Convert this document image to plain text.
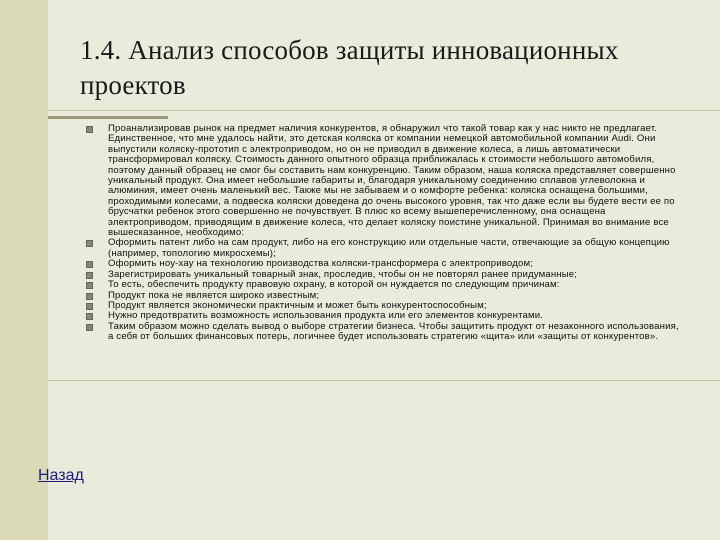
1.4. Анализ способов защиты инновационных проектов
Проанализировав рынок на предмет наличия конкурентов, я обнаружил что такой товар как у нас никто не предлагает. Единственное, что мне удалось найти, это детская коляска от компании немецкой автомобильной компании Audi. Они выпустили коляску-прототип с электроприводом, но он не приводил в движение колеса, а лишь автоматически трансформировал коляску. Стоимость данного опытного образца приближалась к стоимости небольшого автомобиля, поэтому данный образец не смог бы составить нам конкуренцию. Таким образом, наша коляска представляет совершенно уникальный продукт. Она имеет небольшие габариты и, благодаря уникальному соединению сплавов углеволокна и алюминия, имеет очень маленький вес. Также мы не забываем и о комфорте ребенка: коляска оснащена большими, проходимыми колесами, а подвеска коляски доведена до очень высокого уровня, так что даже если вы будете вести ее по брусчатки ребенок этого совершенно не почувствует. В плюс ко всему вышеперечисленному, она оснащена электроприводом, приводящим в движение колеса, что делает коляску поистине уникальной. Принимая во внимание все вышесказанное, необходимо:
Оформить патент либо на сам продукт, либо на его конструкцию или отдельные части, отвечающие за общую концепцию (например, топологию микросхемы);
Оформить ноу-хау на технологию производства коляски-трансформера с электроприводом;
Зарегистрировать уникальный товарный знак, проследив, чтобы он не повторял ранее придуманные;
То есть, обеспечить продукту правовую охрану, в которой он нуждается по следующим причинам:
Продукт пока не является широко известным;
Продукт является экономически практичным и может быть конкурентоспособным;
Нужно предотвратить возможность использования продукта или его элементов конкурентами.
Таким образом можно сделать вывод о выборе стратегии бизнеса. Чтобы защитить продукт от незаконного использования, а себя от больших финансовых потерь, логичнее будет использовать стратегию «щита» или «защиты от конкурентов».
Назад
